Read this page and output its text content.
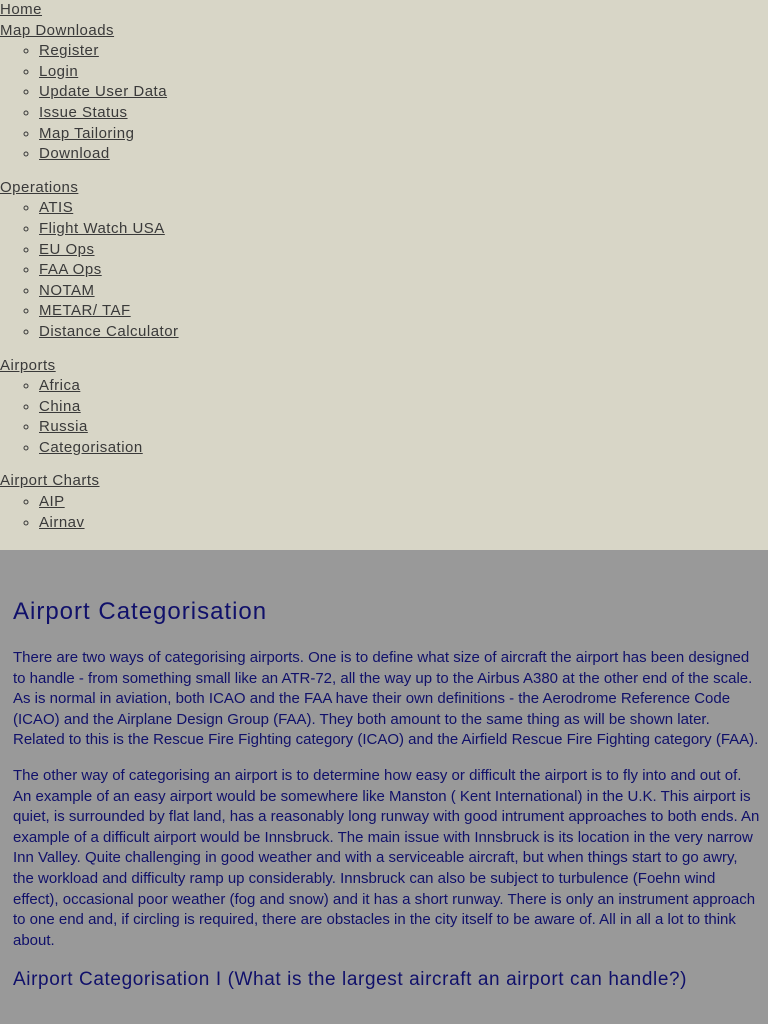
Home
Map Downloads
◦ Register
◦ Login
◦ Update User Data
◦ Issue Status
◦ Map Tailoring
◦ Download
Operations
◦ ATIS
◦ Flight Watch USA
◦ EU Ops
◦ FAA Ops
◦ NOTAM
◦ METAR/ TAF
◦ Distance Calculator
Airports
◦ Africa
◦ China
◦ Russia
◦ Categorisation
Airport Charts
◦ AIP
◦ Airnav
Airport Categorisation

There are two ways of categorising airports. One is to define what size of aircraft the airport has been designed to handle - from something small like an ATR-72, all the way up to the Airbus A380 at the other end of the scale. As is normal in aviation, both ICAO and the FAA have their own definitions - the Aerodrome Reference Code (ICAO) and the Airplane Design Group (FAA). They both amount to the same thing as will be shown later. Related to this is the Rescue Fire Fighting category (ICAO) and the Airfield Rescue Fire Fighting category (FAA).

The other way of categorising an airport is to determine how easy or difficult the airport is to fly into and out of. An example of an easy airport would be somewhere like Manston ( Kent International) in the U.K. This airport is quiet, is surrounded by flat land, has a reasonably long runway with good intrument approaches to both ends. An example of a difficult airport would be Innsbruck. The main issue with Innsbruck is its location in the very narrow Inn Valley. Quite challenging in good weather and with a serviceable aircraft, but when things start to go awry, the workload and difficulty ramp up considerably. Innsbruck can also be subject to turbulence (Foehn wind effect), occasional poor weather (fog and snow) and it has a short runway. There is only an instrument approach to one end and, if circling is required, there are obstacles in the city itself to be aware of. All in all a lot to think about.

Airport Categorisation I (What is the largest aircraft an airport can handle?)
